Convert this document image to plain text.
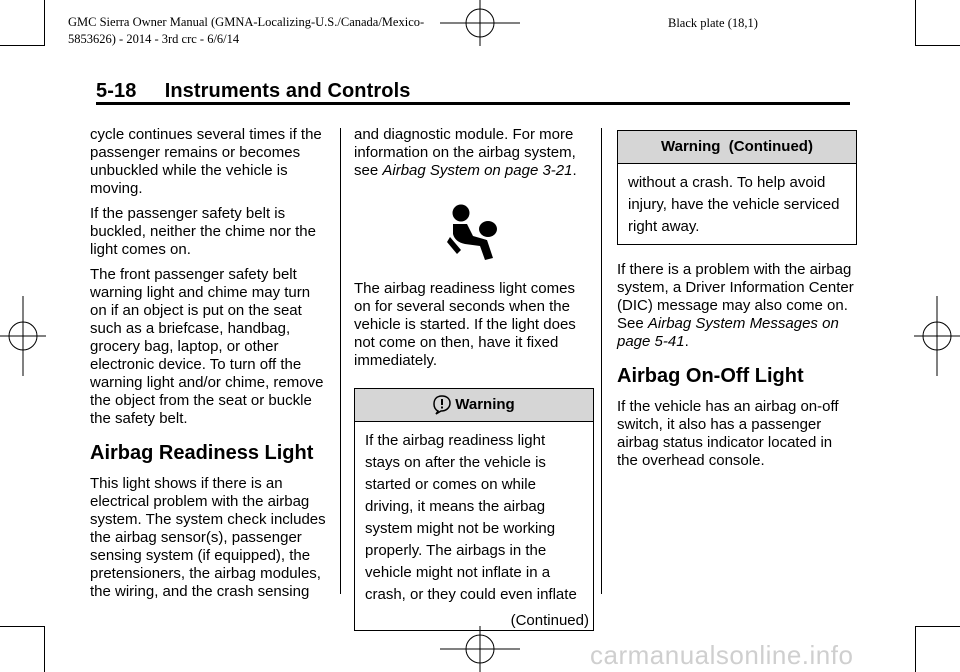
GMC Sierra Owner Manual (GMNA-Localizing-U.S./Canada/Mexico-
5853626) - 2014 - 3rd crc - 6/6/14
Black plate (18,1)
5-18     Instruments and Controls

cycle continues several times if the passenger remains or becomes unbuckled while the vehicle is moving.

If the passenger safety belt is buckled, neither the chime nor the light comes on.

The front passenger safety belt warning light and chime may turn on if an object is put on the seat such as a briefcase, handbag, grocery bag, laptop, or other electronic device. To turn off the warning light and/or chime, remove the object from the seat or buckle the safety belt.

Airbag Readiness Light

This light shows if there is an electrical problem with the airbag system. The system check includes the airbag sensor(s), passenger sensing system (if equipped), the pretensioners, the airbag modules, the wiring, and the crash sensing

and diagnostic module. For more information on the airbag system, see Airbag System on page 3-21.

The airbag readiness light comes on for several seconds when the vehicle is started. If the light does not come on then, have it fixed immediately.

Warning
If the airbag readiness light stays on after the vehicle is started or comes on while driving, it means the airbag system might not be working properly. The airbags in the vehicle might not inflate in a crash, or they could even inflate
(Continued)
Warning  (Continued)
without a crash. To help avoid injury, have the vehicle serviced right away.

If there is a problem with the airbag system, a Driver Information Center (DIC) message may also come on. See Airbag System Messages on page 5-41.

Airbag On-Off Light

If the vehicle has an airbag on-off switch, it also has a passenger airbag status indicator located in the overhead console.

carmanualsonline.info
